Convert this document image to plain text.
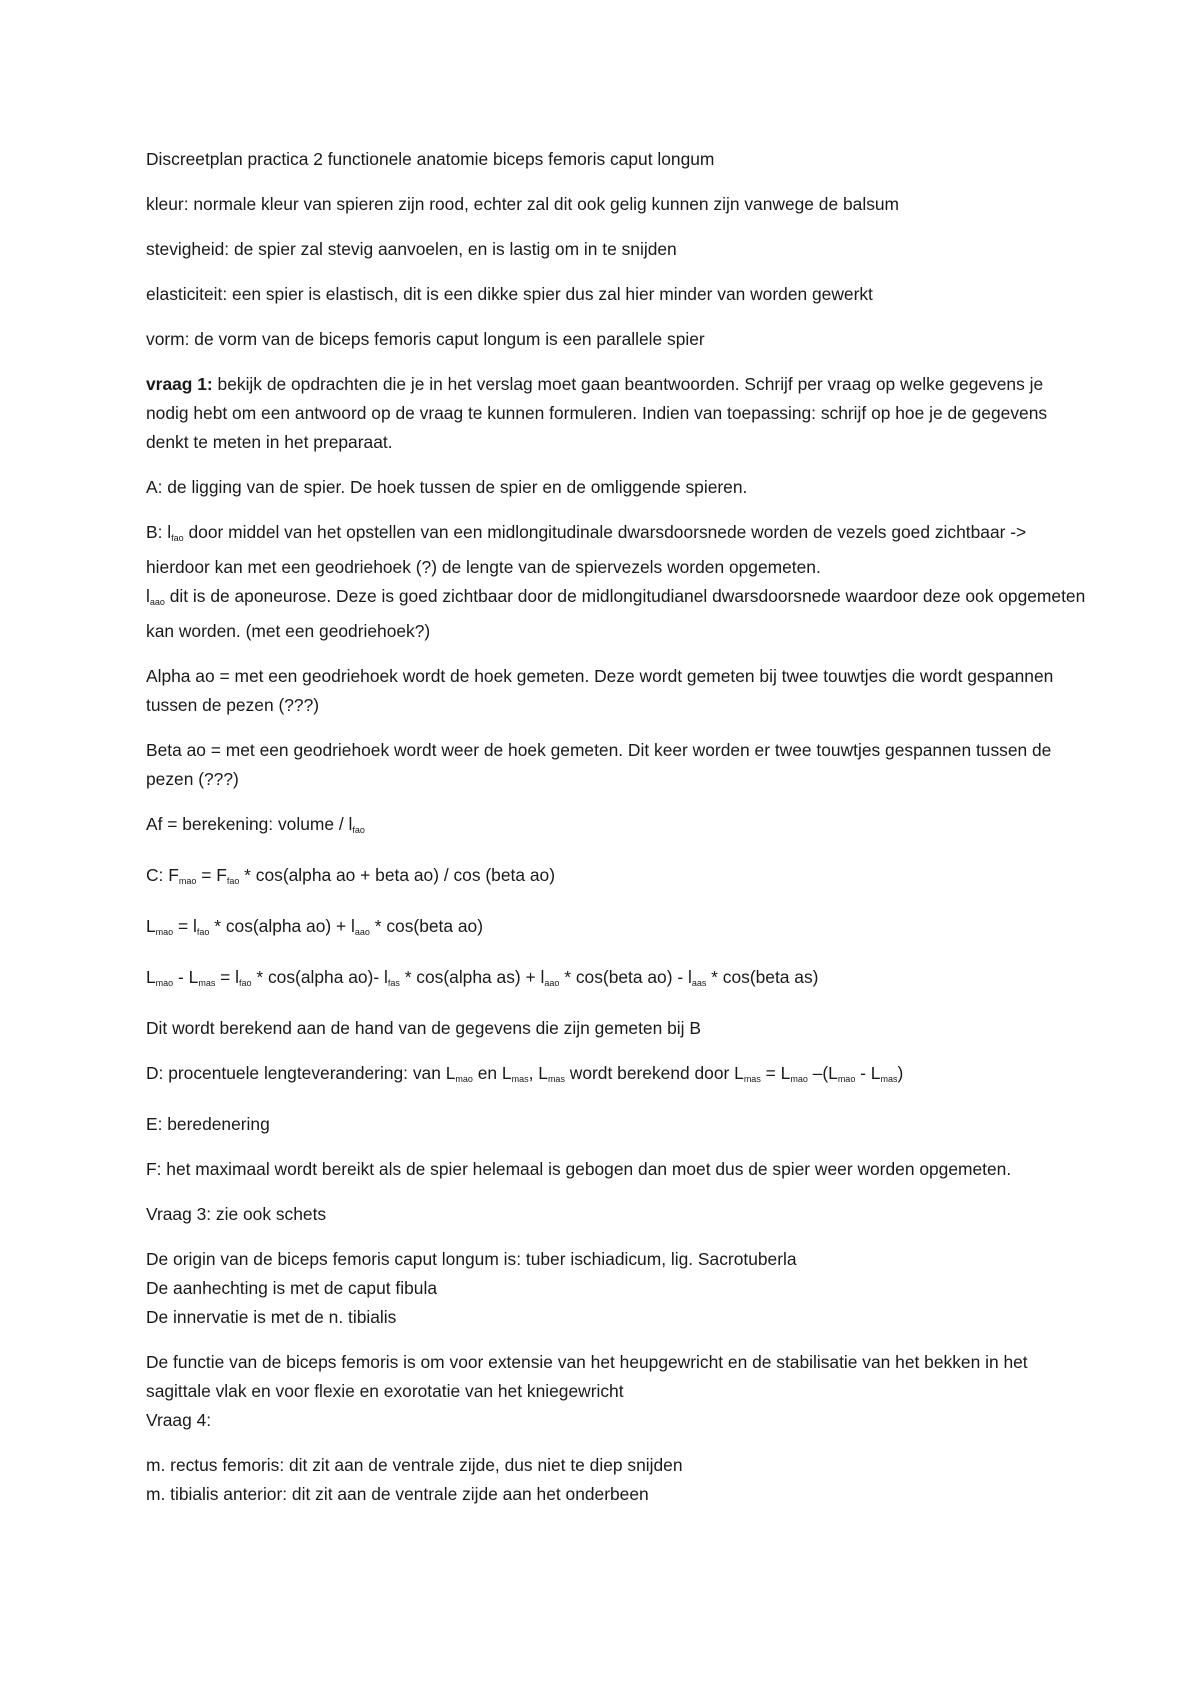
Discreetplan practica 2 functionele anatomie biceps femoris caput longum

kleur: normale kleur van spieren zijn rood, echter zal dit ook gelig kunnen zijn vanwege de balsum

stevigheid: de spier zal stevig aanvoelen, en is lastig om in te snijden

elasticiteit: een spier is elastisch, dit is een dikke spier dus zal hier minder van worden gewerkt

vorm: de vorm van de biceps femoris caput longum is een parallele spier

vraag 1: bekijk de opdrachten die je in het verslag moet gaan beantwoorden. Schrijf per vraag op welke gegevens je nodig hebt om een antwoord op de vraag te kunnen formuleren. Indien van toepassing: schrijf op hoe je de gegevens denkt te meten in het preparaat.

A: de ligging van de spier. De hoek tussen de spier en de omliggende spieren.

B: $l_{fao}$ door middel van het opstellen van een midlongitudinale dwarsdoorsnede worden de vezels goed zichtbaar -> hierdoor kan met een geodriehoek (?) de lengte van de spiervezels worden opgemeten.
$l_{aao}$ dit is de aponeurose. Deze is goed zichtbaar door de midlongitudianel dwarsdoorsnede waardoor deze ook opgemeten kan worden. (met een geodriehoek?)

Alpha ao = met een geodriehoek wordt de hoek gemeten. Deze wordt gemeten bij twee touwtjes die wordt gespannen tussen de pezen (???)

Beta ao = met een geodriehoek wordt weer de hoek gemeten. Dit keer worden er twee touwtjes gespannen tussen de pezen (???)

Af = berekening: volume / $l_{fao}$

C: $F_{mao} = F_{fao}$ * cos(alpha ao + beta ao) / cos (beta ao)

$L_{mao} = l_{fao}$ * cos(alpha $ao) + l_{aao}$ * cos(beta ao)

$L_{mao} - L_{mas} = l_{fao}$ * cos(alpha ao)- $l_{fas}$ * cos(alpha $as) + l_{aao}$ * cos(beta $ao) - l_{aas}$ * cos(beta as)

Dit wordt berekend aan de hand van de gegevens die zijn gemeten bij B

D: procentuele lengteverandering: van $L_{mao}$ en $L_{mas}$, $L_{mas}$ wordt berekend door $L_{mas} = L_{mao}$ $-(L_{mao} - L_{mas})$

E: beredenering

F: het maximaal wordt bereikt als de spier helemaal is gebogen dan moet dus de spier weer worden opgemeten.

Vraag 3: zie ook schets

De origin van de biceps femoris caput longum is: tuber ischiadicum, lig. Sacrotuberla
De aanhechting is met de caput fibula
De innervatie is met de n. tibialis

De functie van de biceps femoris is om voor extensie van het heupgewricht en de stabilisatie van het bekken in het sagittale vlak en voor flexie en exorotatie van het kniegewricht

Vraag 4:

m. rectus femoris: dit zit aan de ventrale zijde, dus niet te diep snijden

m. tibialis anterior: dit zit aan de ventrale zijde aan het onderbeen
